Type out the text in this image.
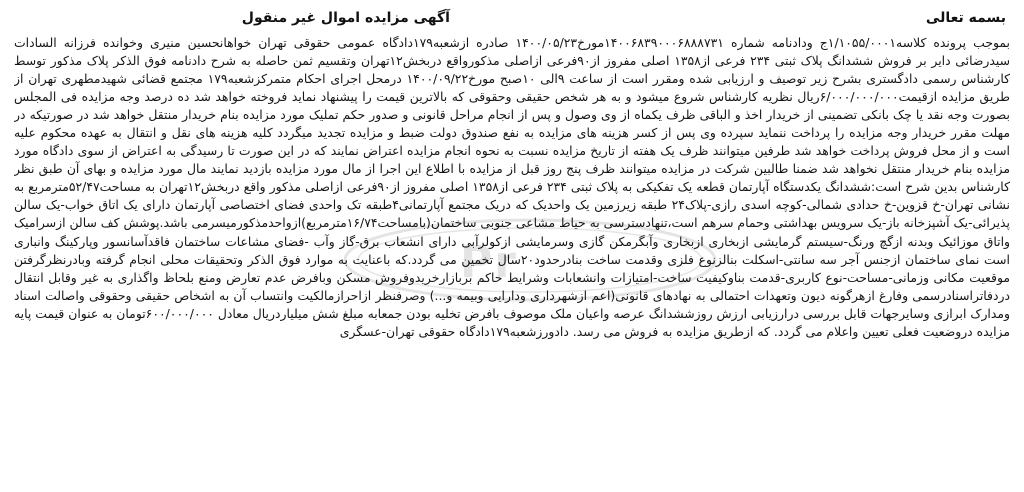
بسمه تعالی
آگهی مزایده اموال غیر منقول
بموجب پرونده کلاسه۱/۱۰۵۵/۰۰۰۱ج ودادنامه شماره ۱۴۰۰۶۸۳۹۰۰۰۶۸۸۸۷۳۱مورخ۱۴۰۰/۰۵/۲۳ صادره ازشعبه۱۷۹دادگاه عمومی حقوقی تهران خواهانحسین منیری وخوانده فرزانه السادات سیدرضائی دایر بر فروش ششدانگ پلاک ثبتی ۲۳۴ فرعی از۱۳۵۸ اصلی مفروز از۹۰فرعی ازاصلی مذکورواقع دربخش۱۲تهران وتقسیم ثمن حاصله به شرح دادنامه فوق الذکر پلاک مذکور توسط کارشناس رسمی دادگستری بشرح زیر توصیف و ارزیابی شده ومقرر است از ساعت ۹الی ۱۰صبح مورخ۱۴۰۰/۰۹/۲۲ درمحل اجرای احکام متمرکزشعبه۱۷۹ مجتمع قضائی شهیدمطهری تهران از طریق مزایده ازقیمت۶/۰۰۰/۰۰۰/۰۰۰ریال نظریه کارشناس شروع میشود و به هر شخص حقیقی وحقوقی که بالاترین قیمت را پیشنهاد نماید فروخته خواهد شد ده درصد وجه مزایده فی المجلس بصورت وجه نقد یا چک بانکی تضمینی از خریدار اخذ و الباقی ظرف یکماه از وی وصول و پس از انجام مراحل قانونی و صدور حکم تملیک مورد مزایده بنام خریدار منتقل خواهد شد در صورتیکه در مهلت مقرر خریدار وجه مزایده را پرداخت ننماید سپرده وی پس از کسر هزینه های مزایده به نفع صندوق دولت ضبط و مزایده تجدید میگردد کلیه هزینه های نقل و انتقال به عهده محکوم علیه است و از محل فروش پرداخت خواهد شد طرفین میتوانند ظرف یک هفته از تاریخ مزایده نسبت به نحوه انجام مزایده اعتراض نمایند که در این صورت تا رسیدگی به اعتراض از سوی دادگاه مورد مزایده بنام خریدار منتقل نخواهد شد ضمنا طالبین شرکت در مزایده میتوانند ظرف پنج روز قبل از مزایده با اطلاع این اجرا از مال مورد مزایده بازدید نمایند مال مورد مزایده و بهای آن طبق نظر کارشناس بدین شرح است:ششدانگ یکدستگاه آپارتمان قطعه یک تفکیکی به پلاک ثبتی ۲۳۴ فرعی از۱۳۵۸ اصلی مفروز از۹۰فرعی ازاصلی مذکور واقع دربخش۱۲تهران به مساحت۵۲/۴۷مترمربع به نشانی تهران-خ قزوین-خ حدادی شمالی-کوچه اسدی رازی-پلاک۲۴ طبقه زیرزمین یک واحدیک که دریک مجتمع آپارتمانی۴طبقه تک واحدی فضای اختصاصی آپارتمان دارای یک اتاق خواب-یک سالن پذیرائی-یک آشپزخانه باز-یک سرویس بهداشتی وحمام سرهم است،تنهادسترسی به حیاط مشاعی جنوبی ساختمان(بامساحت۱۶/۷۴مترمربع)ازواحدمذکورمیسرمی باشد.پوشش کف سالن ازسرامیک واتاق موزائیک وبدنه ازگچ ورنگ-سیستم گرمایشی ازبخاری ازبخاری وآبگرمکن گازی وسرمایشی ازکولرآبی دارای انشعاب برق-گاز وآب -فضای مشاعات ساختمان فاقدآسانسور وپارکینگ وانباری است نمای ساختمان ازجنس آجر سه سانتی-اسکلت بنالزنوع فلزی وقدمت ساخت بنادرحدود۲۰سال تخمین می گردد.که باعنایت به موارد فوق الذکر وتحقیقات محلی انجام گرفته وبادرنظرگرفتن موقعیت مکانی وزمانی-مساحت-نوع کاربری-قدمت بناوکیفیت ساخت-امتیازات وانشعابات وشرایط حاکم بربازارخریدوفروش مسکن وبافرض عدم تعارض ومنع بلحاظ واگذاری به غیر وقابل انتقال دردفاتراسنادرسمی وفارغ ازهرگونه دیون وتعهدات احتمالی به نهادهای قانونی(اعم ازشهرداری ودارایی وبیمه و...) وصرفنظر ازاحرازمالکیت وانتساب آن به اشخاص حقیقی وحقوقی واصالت اسناد ومدارک ابرازی وسایرجهات قابل بررسی درارزیابی ارزش روزششدانگ عرصه واعیان ملک موصوف بافرض تخلیه بودن جمعابه مبلغ شش میلیاردریال معادل ۶۰۰/۰۰۰/۰۰۰تومان به عنوان قیمت پایه مزایده دروضعیت فعلی تعیین واعلام می گردد. که ازطریق مزایده به فروش می رسد. دادورزشعبه۱۷۹دادگاه حقوقی تهران-عسگری
Pr
